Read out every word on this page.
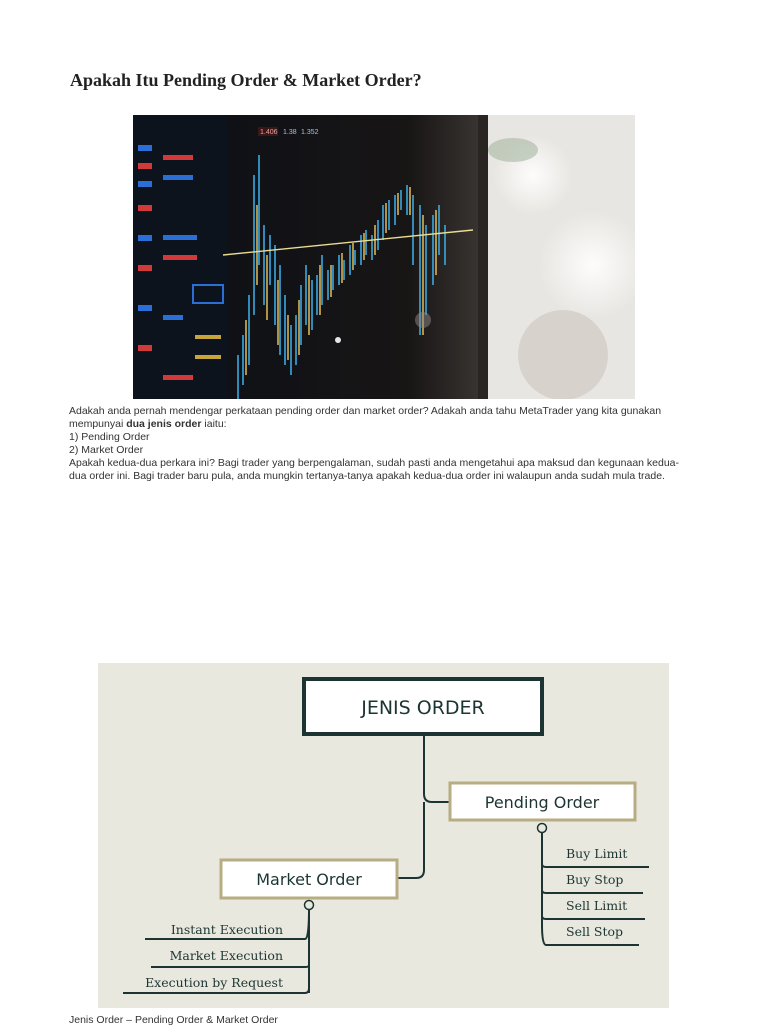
Apakah Itu Pending Order & Market Order?
1.406 1.38 1.352

Adakah anda pernah mendengar perkataan pending order dan market order? Adakah anda tahu MetaTrader yang kita gunakan mempunyai dua jenis order iaitu:

1) Pending Order

2) Market Order

Apakah kedua-dua perkara ini? Bagi trader yang berpengalaman, sudah pasti anda mengetahui apa maksud dan kegunaan kedua-dua order ini. Bagi trader baru pula, anda mungkin tertanya-tanya apakah kedua-dua order ini walaupun anda sudah mula trade.

JENIS ORDER
Pending Order
Market Order
Buy Limit
Buy Stop
Sell Limit
Sell Stop
Instant Execution
Market Execution
Execution by Request
Jenis Order – Pending Order & Market Order
